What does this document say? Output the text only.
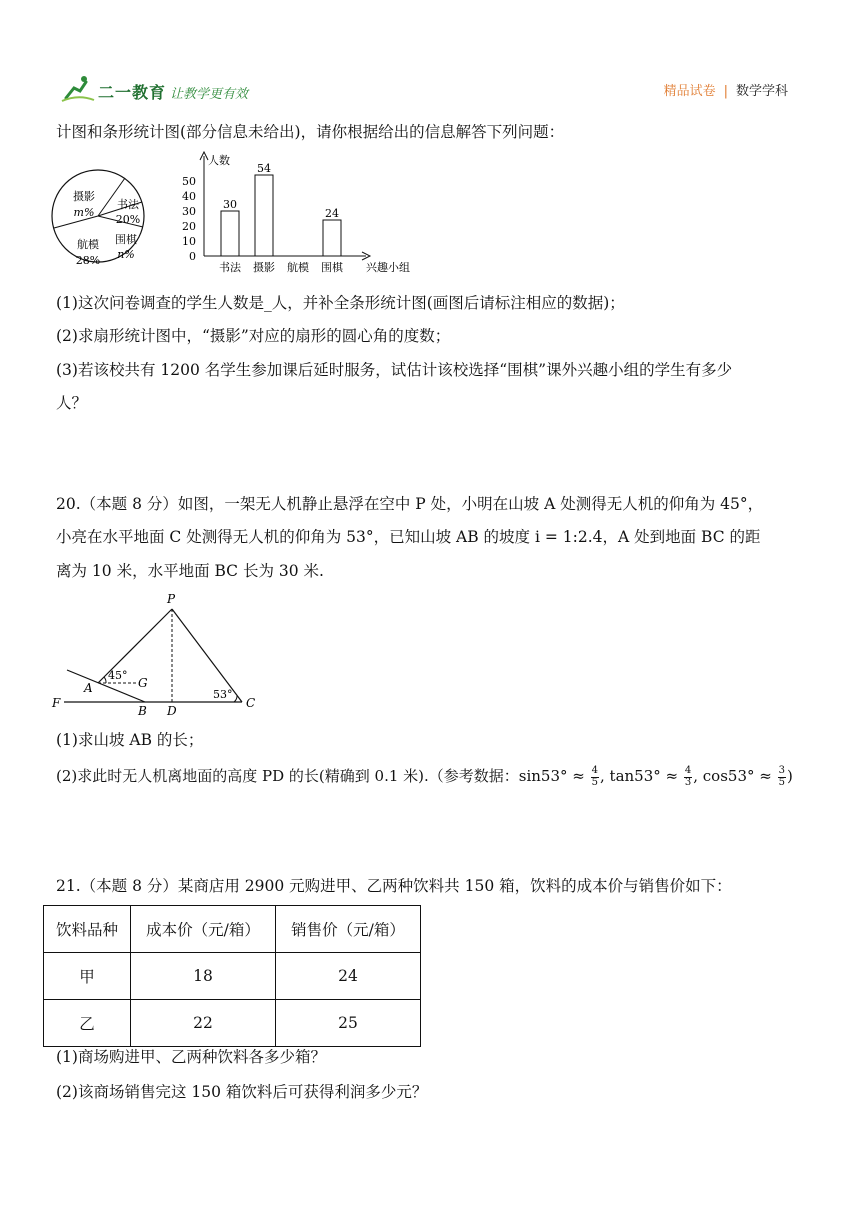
二一教育 让教学更有效	精品试卷 | 数学学科
计图和条形统计图(部分信息未给出)，请你根据给出的信息解答下列问题：
摄影
m%
书法
20%
围棋
n%
航模
28%
人数
兴趣小组
0
10
20
30
40
50
书法
30
摄影
54
航模 围棋
24
(1)这次问卷调查的学生人数是_人，并补全条形统计图(画图后请标注相应的数据)；
(2)求扇形统计图中，“摄影”对应的扇形的圆心角的度数；
(3)若该校共有 1200 名学生参加课后延时服务，试估计该校选择“围棋”课外兴趣小组的学生有多少
人？
20.（本题 8 分）如图，一架无人机静止悬浮在空中 P 处，小明在山坡 A 处测得无人机的仰角为 45°，
小亮在水平地面 C 处测得无人机的仰角为 53°，已知山坡 AB 的坡度 i = 1:2.4，A 处到地面 BC 的距
离为 10 米，水平地面 BC 长为 30 米.
P
A	G
F
B D
C
45°
53°
(1)求山坡 AB 的长；
(2)求此时无人机离地面的高度 PD 的长(精确到 0.1 米).（参考数据：$\sin 53^\circ \approx \frac{4}{5}$ , $\tan 53^\circ \approx \frac{4}{3}$ , $\cos 53^\circ \approx \frac{3}{5}$ )
21.（本题 8 分）某商店用 2900 元购进甲、乙两种饮料共 150 箱，饮料的成本价与销售价如下：
饮料品种	成本价（元/箱）	销售价（元/箱）
甲	18	24
乙	22	25
(1)商场购进甲、乙两种饮料各多少箱？
(2)该商场销售完这 150 箱饮料后可获得利润多少元？
